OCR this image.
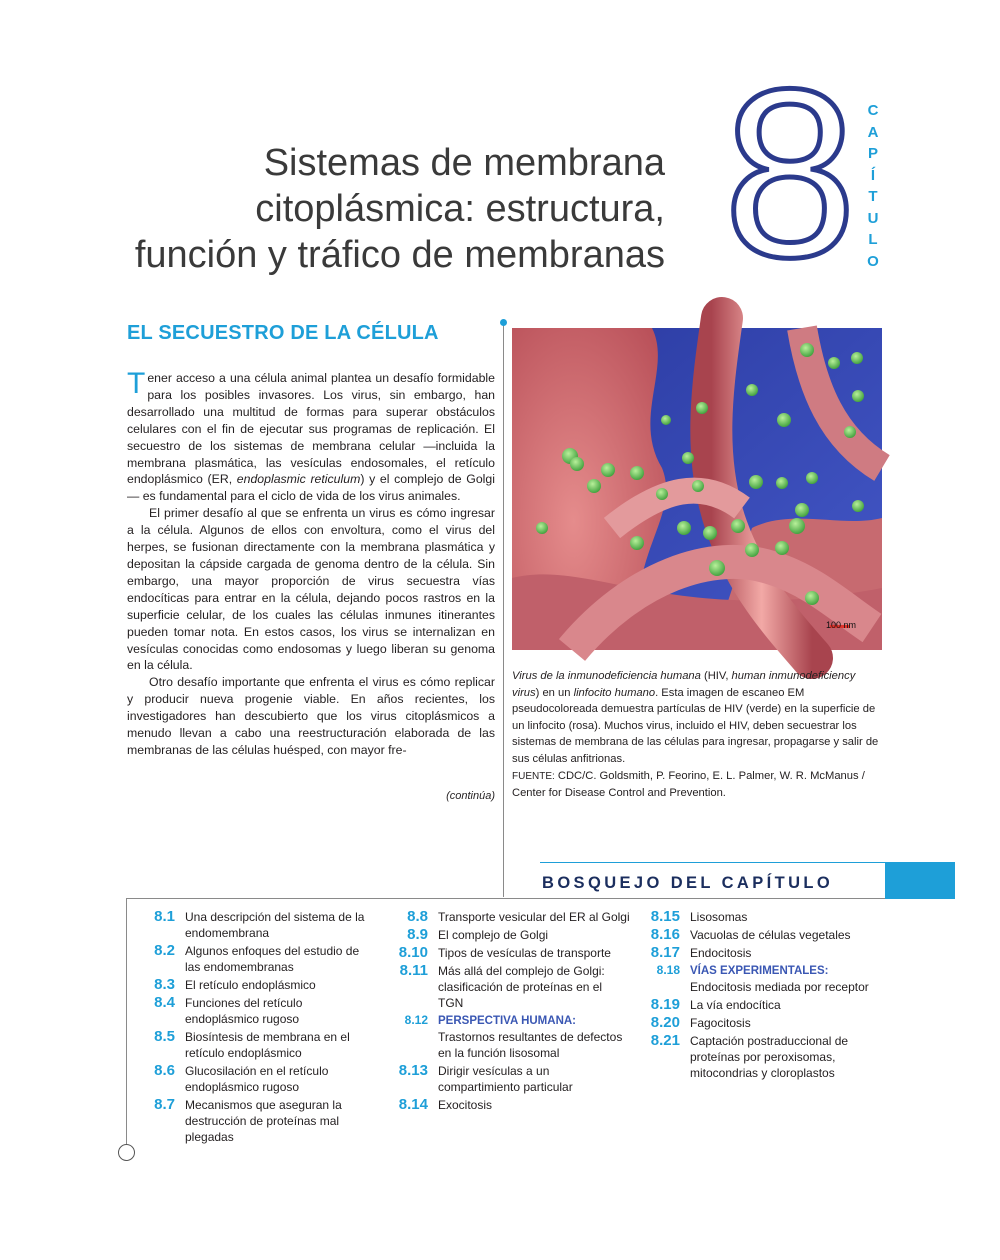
Sistemas de membrana
citoplásmica: estructura,
función y tráfico de membranas 8 C
A
P
Í
T
U
L
O
EL SECUESTRO DE LA CÉLULA

Tener acceso a una célula animal plantea un desafío formidable para los posibles invasores. Los virus, sin embargo, han desarrollado una multitud de formas para superar obstáculos celulares con el fin de ejecutar sus programas de replicación. El secuestro de los sistemas de membrana celular —incluida la membrana plasmática, las vesículas endosomales, el retículo endoplásmico (ER, endoplasmic reticulum) y el complejo de Golgi— es fundamental para el ciclo de vida de los virus animales.

El primer desafío al que se enfrenta un virus es cómo ingresar a la célula. Algunos de ellos con envoltura, como el virus del herpes, se fusionan directamente con la membrana plasmática y depositan la cápside cargada de genoma dentro de la célula. Sin embargo, una mayor proporción de virus secuestra vías endocíticas para entrar en la célula, dejando pocos rastros en la superficie celular, de los cuales las células inmunes itinerantes pueden tomar nota. En estos casos, los virus se internalizan en vesículas conocidas como endosomas y luego liberan su genoma en la célula.

Otro desafío importante que enfrenta el virus es cómo replicar y producir nueva progenie viable. En años recientes, los investigadores han descubierto que los virus citoplásmicos a menudo llevan a cabo una reestructuración elaborada de las membranas de las células huésped, con mayor fre-

(continúa)
100 nm

Virus de la inmunodeficiencia humana (HIV, human inmunodeficiency virus) en un linfocito humano. Esta imagen de escaneo EM pseudocoloreada demuestra partículas de HIV (verde) en la superficie de un linfocito (rosa). Muchos virus, incluido el HIV, deben secuestrar los sistemas de membrana de las células para ingresar, propagarse y salir de sus células anfitrionas.

FUENTE: CDC/C. Goldsmith, P. Feorino, E. L. Palmer, W. R. McManus / Center for Disease Control and Prevention.

BOSQUEJO DEL CAPÍTULO
8.1 Una descripción del sistema de la endomembrana
8.2 Algunos enfoques del estudio de las endomembranas
8.3 El retículo endoplásmico
8.4 Funciones del retículo endoplásmico rugoso
8.5 Biosíntesis de membrana en el retículo endoplásmico
8.6 Glucosilación en el retículo endoplásmico rugoso
8.7 Mecanismos que aseguran la destrucción de proteínas mal plegadas
8.8 Transporte vesicular del ER al Golgi
8.9 El complejo de Golgi
8.10 Tipos de vesículas de transporte
8.11 Más allá del complejo de Golgi: clasificación de proteínas en el TGN
8.12 PERSPECTIVA HUMANA:
Trastornos resultantes de defectos en la función lisosomal
8.13 Dirigir vesículas a un compartimiento particular
8.14 Exocitosis
8.15 Lisosomas
8.16 Vacuolas de células vegetales
8.17 Endocitosis
8.18 VÍAS EXPERIMENTALES:
Endocitosis mediada por receptor
8.19 La vía endocítica
8.20 Fagocitosis
8.21 Captación postraduccional de proteínas por peroxisomas, mitocondrias y cloroplastos
